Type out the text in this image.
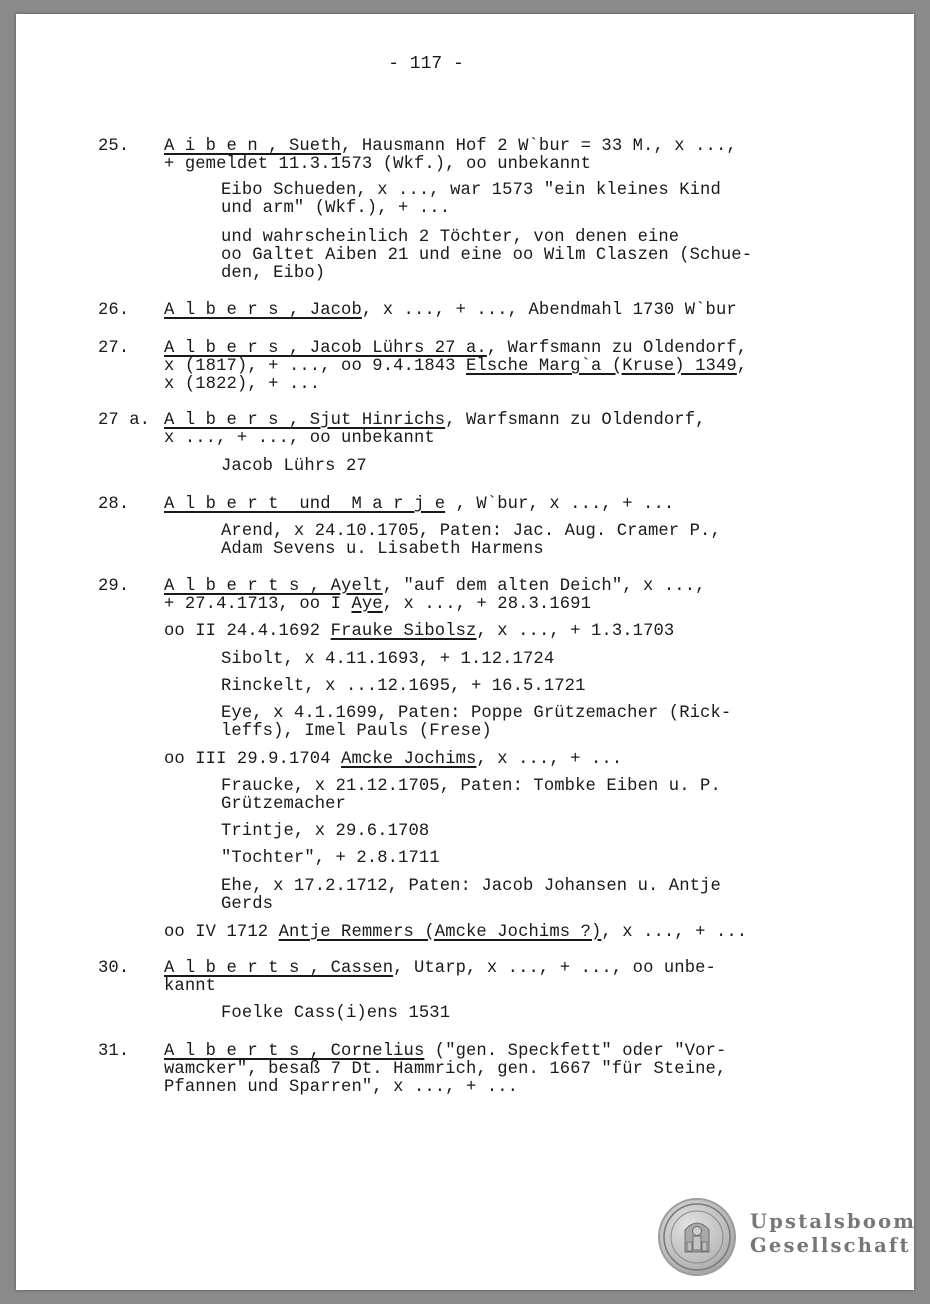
- 117 -
25. A i b e n , Sueth, Hausmann Hof 2 W`bur = 33 M., x ...,
+ gemeldet 11.3.1573 (Wkf.), oo unbekannt
Eibo Schueden, x ..., war 1573 "ein kleines Kind
und arm" (Wkf.), + ...
und wahrscheinlich 2 Töchter, von denen eine
oo Galtet Aiben 21 und eine oo Wilm Claszen (Schue-
den, Eibo)
26. A l b e r s , Jacob, x ..., + ..., Abendmahl 1730 W`bur
27. A l b e r s , Jacob Lührs 27 a., Warfsmann zu Oldendorf,
x (1817), + ..., oo 9.4.1843 Elsche Marg`a (Kruse) 1349,
x (1822), + ...
27 a. A l b e r s , Sjut Hinrichs, Warfsmann zu Oldendorf,
x ..., + ..., oo unbekannt
Jacob Lührs 27
28. A l b e r t  und  M a r j e , W`bur, x ..., + ...
Arend, x 24.10.1705, Paten: Jac. Aug. Cramer P.,
Adam Sevens u. Lisabeth Harmens
29. A l b e r t s , Ayelt, "auf dem alten Deich", x ...,
+ 27.4.1713, oo I Aye, x ..., + 28.3.1691
oo II 24.4.1692 Frauke Sibolsz, x ..., + 1.3.1703
Sibolt, x 4.11.1693, + 1.12.1724
Rinckelt, x ...12.1695, + 16.5.1721
Eye, x 4.1.1699, Paten: Poppe Grützemacher (Rick-
leffs), Imel Pauls (Frese)
oo III 29.9.1704 Amcke Jochims, x ..., + ...
Fraucke, x 21.12.1705, Paten: Tombke Eiben u. P.
Grützemacher
Trintje, x 29.6.1708
"Tochter", + 2.8.1711
Ehe, x 17.2.1712, Paten: Jacob Johansen u. Antje
Gerds
oo IV 1712 Antje Remmers (Amcke Jochims ?), x ..., + ...
30. A l b e r t s , Cassen, Utarp, x ..., + ..., oo unbe-
kannt
Foelke Cass(i)ens 1531
31. A l b e r t s , Cornelius ("gen. Speckfett" oder "Vor-
wamcker", besaß 7 Dt. Hammrich, gen. 1667 "für Steine,
Pfannen und Sparren", x ..., + ...
Upstalsboom
Gesellschaft
